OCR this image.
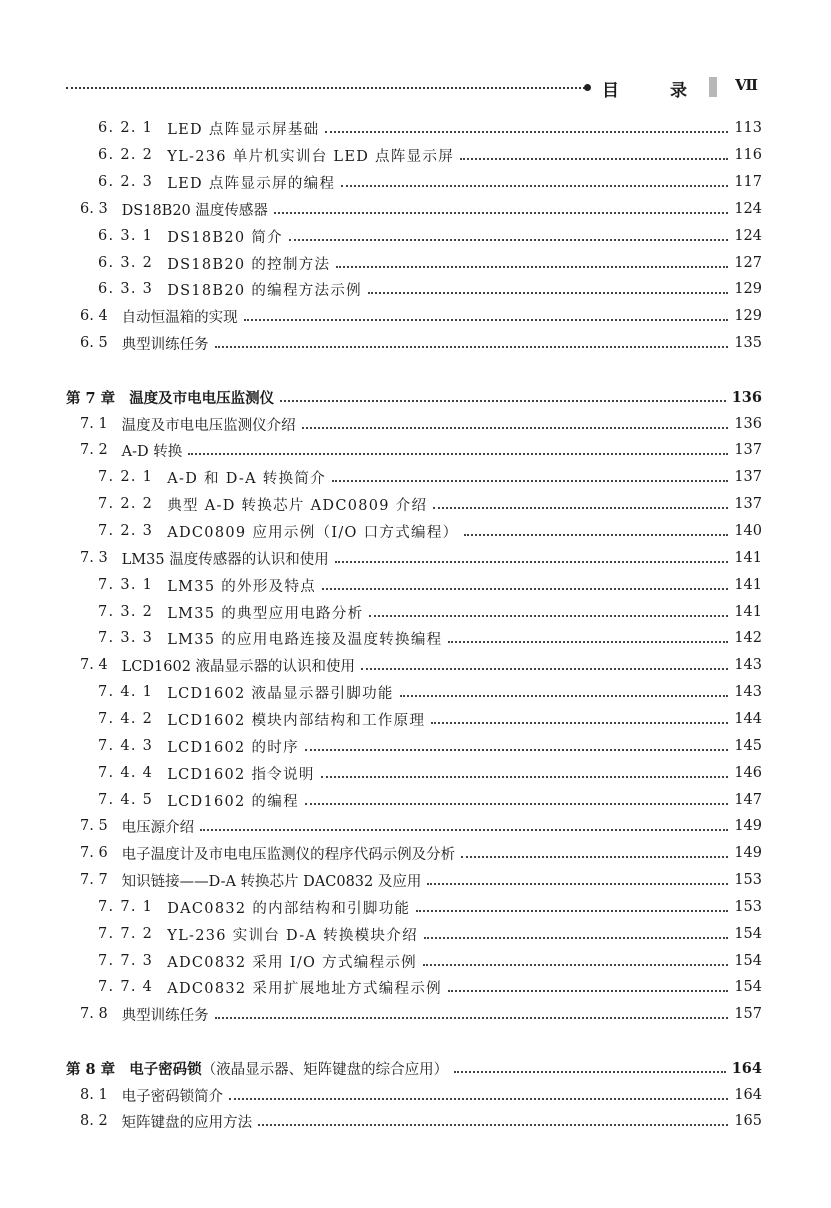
目	录	Ⅶ
6. 2. 1 LED 点阵显示屏基础	113
6. 2. 2 YL-236 单片机实训台 LED 点阵显示屏	116
6. 2. 3 LED 点阵显示屏的编程	117
6. 3 DS18B20 温度传感器	124
6. 3. 1 DS18B20 简介	124
6. 3. 2 DS18B20 的控制方法	127
6. 3. 3 DS18B20 的编程方法示例	129
6. 4 自动恒温箱的实现	129
6. 5 典型训练任务	135
第 7 章 温度及市电电压监测仪	136
7. 1 温度及市电电压监测仪介绍	136
7. 2 A-D 转换	137
7. 2. 1 A-D 和 D-A 转换简介	137
7. 2. 2 典型 A-D 转换芯片 ADC0809 介绍	137
7. 2. 3 ADC0809 应用示例（I/O 口方式编程）	140
7. 3 LM35 温度传感器的认识和使用	141
7. 3. 1 LM35 的外形及特点	141
7. 3. 2 LM35 的典型应用电路分析	141
7. 3. 3 LM35 的应用电路连接及温度转换编程	142
7. 4 LCD1602 液晶显示器的认识和使用	143
7. 4. 1 LCD1602 液晶显示器引脚功能	143
7. 4. 2 LCD1602 模块内部结构和工作原理	144
7. 4. 3 LCD1602 的时序	145
7. 4. 4 LCD1602 指令说明	146
7. 4. 5 LCD1602 的编程	147
7. 5 电压源介绍	149
7. 6 电子温度计及市电电压监测仪的程序代码示例及分析	149
7. 7 知识链接——D-A 转换芯片 DAC0832 及应用	153
7. 7. 1 DAC0832 的内部结构和引脚功能	153
7. 7. 2 YL-236 实训台 D-A 转换模块介绍	154
7. 7. 3 ADC0832 采用 I/O 方式编程示例	154
7. 7. 4 ADC0832 采用扩展地址方式编程示例	154
7. 8 典型训练任务	157
第 8 章 电子密码锁 （液晶显示器、矩阵键盘的综合应用）	164
8. 1 电子密码锁简介	164
8. 2 矩阵键盘的应用方法	165
